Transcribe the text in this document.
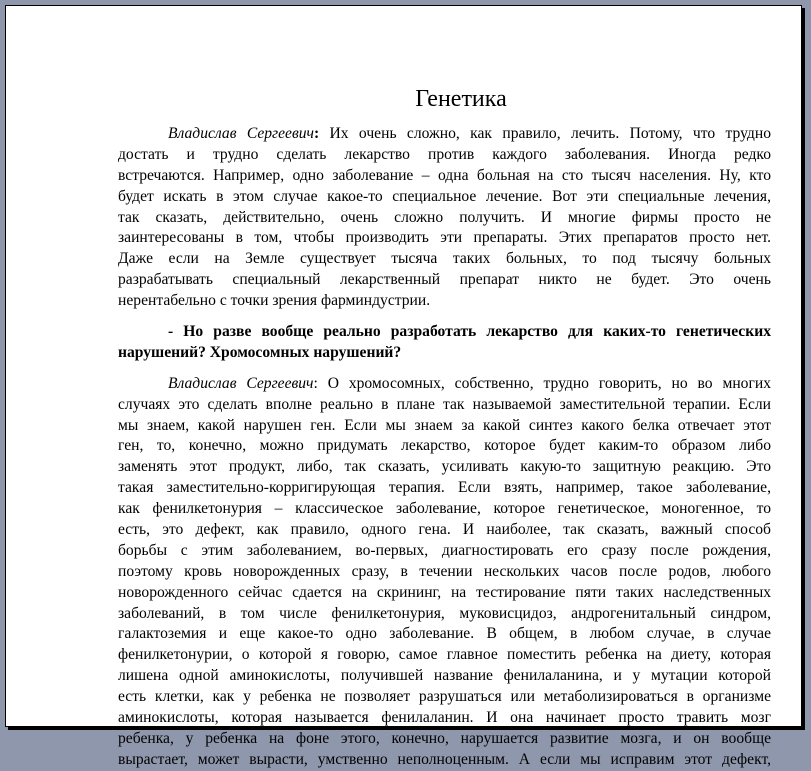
Генетика
Владислав Сергеевич: Их очень сложно, как правило, лечить. Потому, что трудно
достать и трудно сделать лекарство против каждого заболевания. Иногда редко
встречаются. Например, одно заболевание – одна больная на сто тысяч населения. Ну, кто
будет искать в этом случае какое-то специальное лечение. Вот эти специальные лечения,
так сказать, действительно, очень сложно получить. И многие фирмы просто не
заинтересованы в том, чтобы производить эти препараты. Этих препаратов просто нет.
Даже если на Земле существует тысяча таких больных, то под тысячу больных
разрабатывать специальный лекарственный препарат никто не будет. Это очень
нерентабельно с точки зрения фарминдустрии.
- Но разве вообще реально разработать лекарство для каких-то генетических
нарушений? Хромосомных нарушений?
Владислав Сергеевич: О хромосомных, собственно, трудно говорить, но во многих
случаях это сделать вполне реально в плане так называемой заместительной терапии. Если
мы знаем, какой нарушен ген. Если мы знаем за какой синтез какого белка отвечает этот
ген, то, конечно, можно придумать лекарство, которое будет каким-то образом либо
заменять этот продукт, либо, так сказать, усиливать какую-то защитную реакцию. Это
такая заместительно-корригирующая терапия. Если взять, например, такое заболевание,
как фенилкетонурия – классическое заболевание, которое генетическое, моногенное, то
есть, это дефект, как правило, одного гена. И наиболее, так сказать, важный способ
борьбы с этим заболеванием, во-первых, диагностировать его сразу после рождения,
поэтому кровь новорожденных сразу, в течении нескольких часов после родов, любого
новорожденного сейчас сдается на скрининг, на тестирование пяти таких наследственных
заболеваний, в том числе фенилкетонурия, муковисцидоз, андрогенитальный синдром,
галактоземия и еще какое-то одно заболевание. В общем, в любом случае, в случае
фенилкетонурии, о которой я говорю, самое главное поместить ребенка на диету, которая
лишена одной аминокислоты, получившей название фенилаланина, и у мутации которой
есть клетки, как у ребенка не позволяет разрушаться или метаболизироваться в организме
аминокислоты, которая называется фенилаланин. И она начинает просто травить мозг
ребенка, у ребенка на фоне этого, конечно, нарушается развитие мозга, и он вообще
вырастает, может вырасти, умственно неполноценным. А если мы исправим этот дефект,
